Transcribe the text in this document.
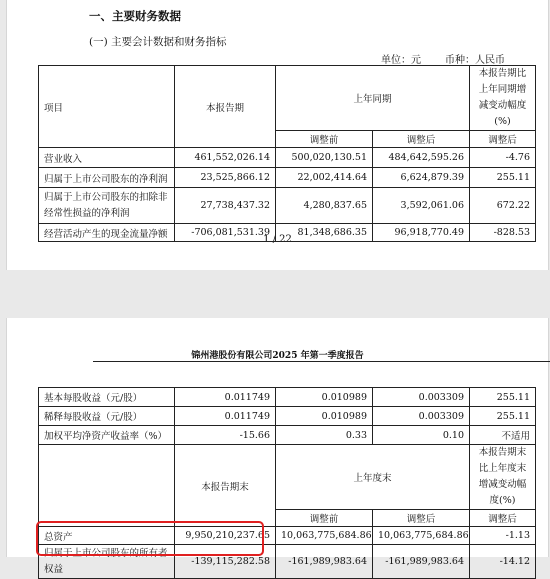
一、主要财务数据
(一) 主要会计数据和财务指标
单位：元 币种：人民币
1 / 22
项目	本报告期	上年同期		本报告期比上年同期增减变动幅度(%)
		调整前	调整后	调整后
营业收入	461,552,026.14	500,020,130.51	484,642,595.26	-4.76
归属于上市公司股东的净利润	23,525,866.12	22,002,414.64	6,624,879.39	255.11
归属于上市公司股东的扣除非经常性损益的净利润	27,738,437.32	4,280,837.65	3,592,061.06	672.22
经营活动产生的现金流量净额	-706,081,531.39	81,348,686.35	96,918,770.49	-828.53
锦州港股份有限公司2025 年第一季度报告
基本每股收益（元/股）	0.011749	0.010989	0.003309	255.11
稀释每股收益（元/股）	0.011749	0.010989	0.003309	255.11
加权平均净资产收益率（%）	-15.66	0.33	0.10	不适用
	本报告期末	上年度末		本报告期末比上年度末增减变动幅度(%)
		调整前	调整后	调整后
总资产	9,950,210,237.65	10,063,775,684.86	10,063,775,684.86	-1.13
归属于上市公司股东的所有者权益	-139,115,282.58	-161,989,983.64	-161,989,983.64	-14.12
